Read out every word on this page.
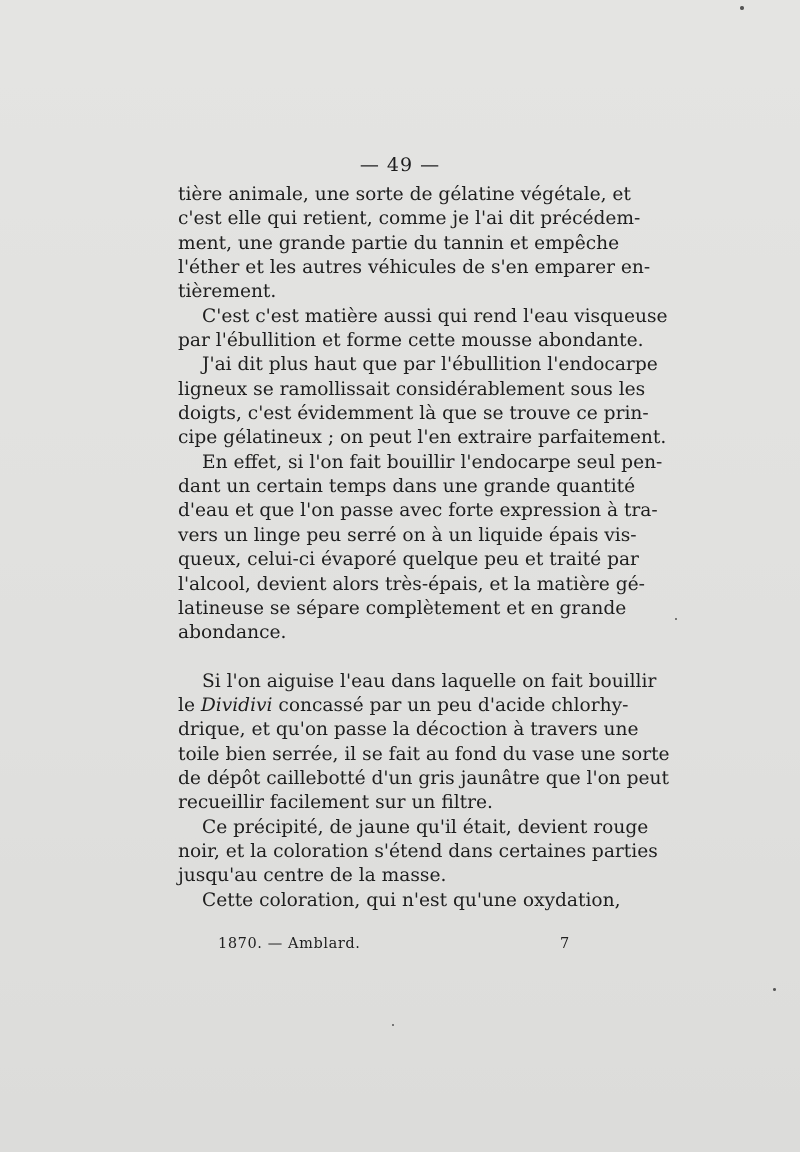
— 49 —
tière animale, une sorte de gélatine végétale, et
c'est elle qui retient, comme je l'ai dit précédem-
ment, une grande partie du tannin et empêche
l'éther et les autres véhicules de s'en emparer en-
tièrement.
C'est c'est matière aussi qui rend l'eau visqueuse
par l'ébullition et forme cette mousse abondante.
J'ai dit plus haut que par l'ébullition l'endocarpe
ligneux se ramollissait considérablement sous les
doigts, c'est évidemment là que se trouve ce prin-
cipe gélatineux ; on peut l'en extraire parfaitement.
En effet, si l'on fait bouillir l'endocarpe seul pen-
dant un certain temps dans une grande quantité
d'eau et que l'on passe avec forte expression à tra-
vers un linge peu serré on à un liquide épais vis-
queux, celui-ci évaporé quelque peu et traité par
l'alcool, devient alors très-épais, et la matière gé-
latineuse se sépare complètement et en grande
abondance.
Si l'on aiguise l'eau dans laquelle on fait bouillir
le Dividivi concassé par un peu d'acide chlorhy-
drique, et qu'on passe la décoction à travers une
toile bien serrée, il se fait au fond du vase une sorte
de dépôt caillebotté d'un gris jaunâtre que l'on peut
recueillir facilement sur un filtre.
Ce précipité, de jaune qu'il était, devient rouge
noir, et la coloration s'étend dans certaines parties
jusqu'au centre de la masse.
Cette coloration, qui n'est qu'une oxydation,
1870. — Amblard.	7
